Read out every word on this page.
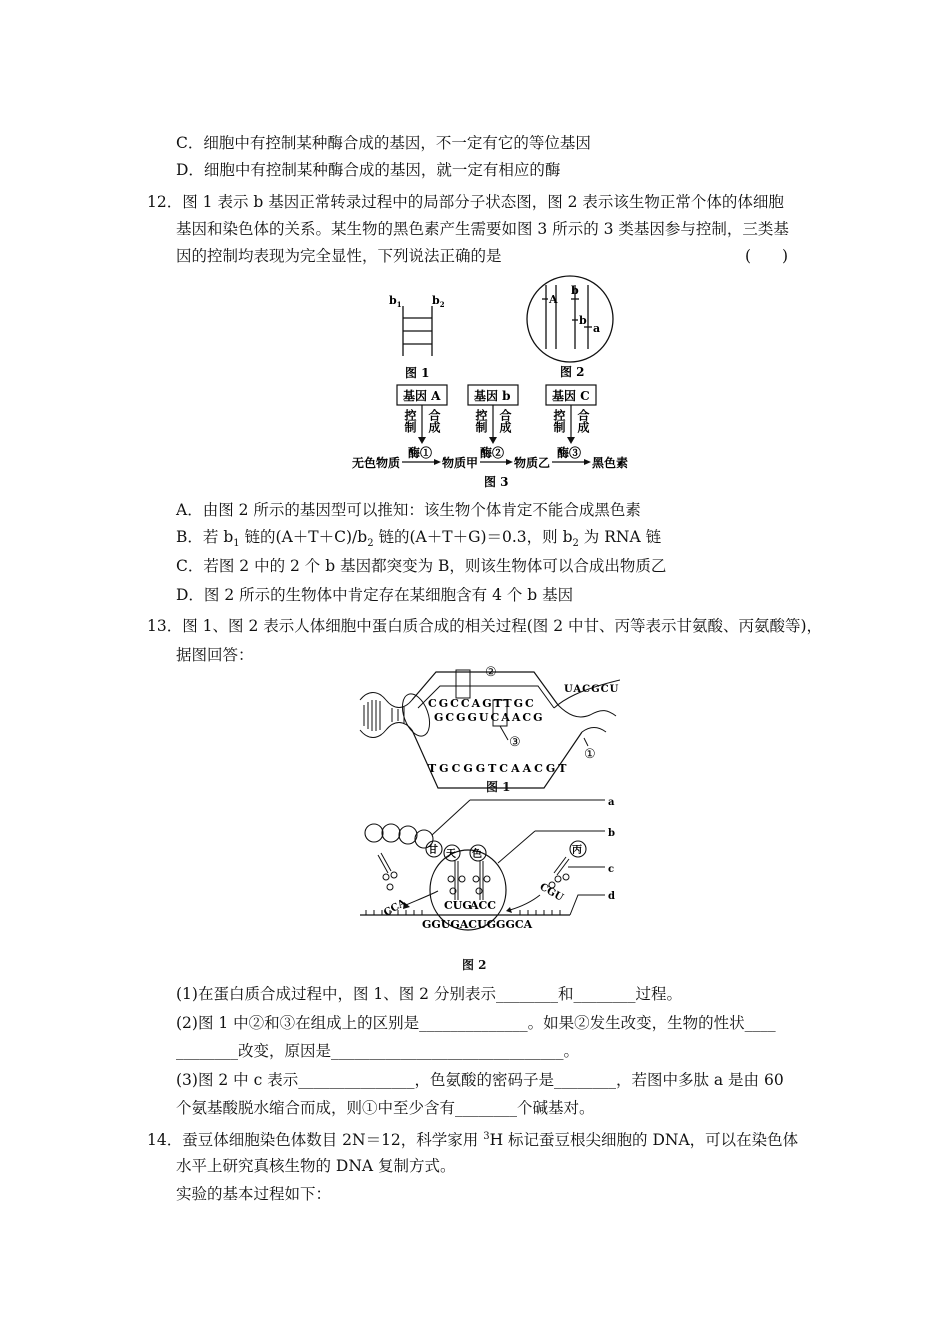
C．细胞中有控制某种酶合成的基因，不一定有它的等位基因
D．细胞中有控制某种酶合成的基因，就一定有相应的酶
12．图 1 表示 b 基因正常转录过程中的局部分子状态图，图 2 表示该生物正常个体的体细胞
基因和染色体的关系。某生物的黑色素产生需要如图 3 所示的 3 类基因参与控制，三类基
因的控制均表现为完全显性，下列说法正确的是	(　　)
$b_1$	$b_2$
图 1
A
b
b
a
图 2
基因 A	基因 b	基因 C
控制 合成	控制 合成	控制 合成
酶①	酶②	酶③
无色物质	物质甲	物质乙	黑色素
图 3
A．由图 2 所示的基因型可以推知：该生物个体肯定不能合成黑色素
B．若 $b_1$ 链的$(A+T+C)/b_2$ 链的(A＋T＋G)＝0.3，则 $b_2$ 为 RNA 链
C．若图 2 中的 2 个 b 基因都突变为 B，则该生物体可以合成出物质乙
D．图 2 所示的生物体中肯定存在某细胞含有 4 个 b 基因
13．图 1、图 2 表示人体细胞中蛋白质合成的相关过程(图 2 中甘、丙等表示甘氨酸、丙氨酸等)，
据图回答：
CGCCAGTTGC
GCGGUCAACG
TGCGGTCAACGT
UACGCU
②
③
①
图 1
a
b
甘 天 色	丙
c
CCA	CUG
ACC
CGU	d
GGUGACUGGGCA
图 2
(1)在蛋白质合成过程中，图 1、图 2 分别表示________和________过程。
(2)图 1 中②和③在组成上的区别是______________。如果②发生改变，生物的性状____
________改变，原因是______________________________。
(3)图 2 中 c 表示_______________，色氨酸的密码子是________，若图中多肽 a 是由 60
个氨基酸脱水缩合而成，则①中至少含有________个碱基对。
14．蚕豆体细胞染色体数目 2N＝12，科学家用 $^3$H 标记蚕豆根尖细胞的 DNA，可以在染色体
水平上研究真核生物的 DNA 复制方式。
实验的基本过程如下：
